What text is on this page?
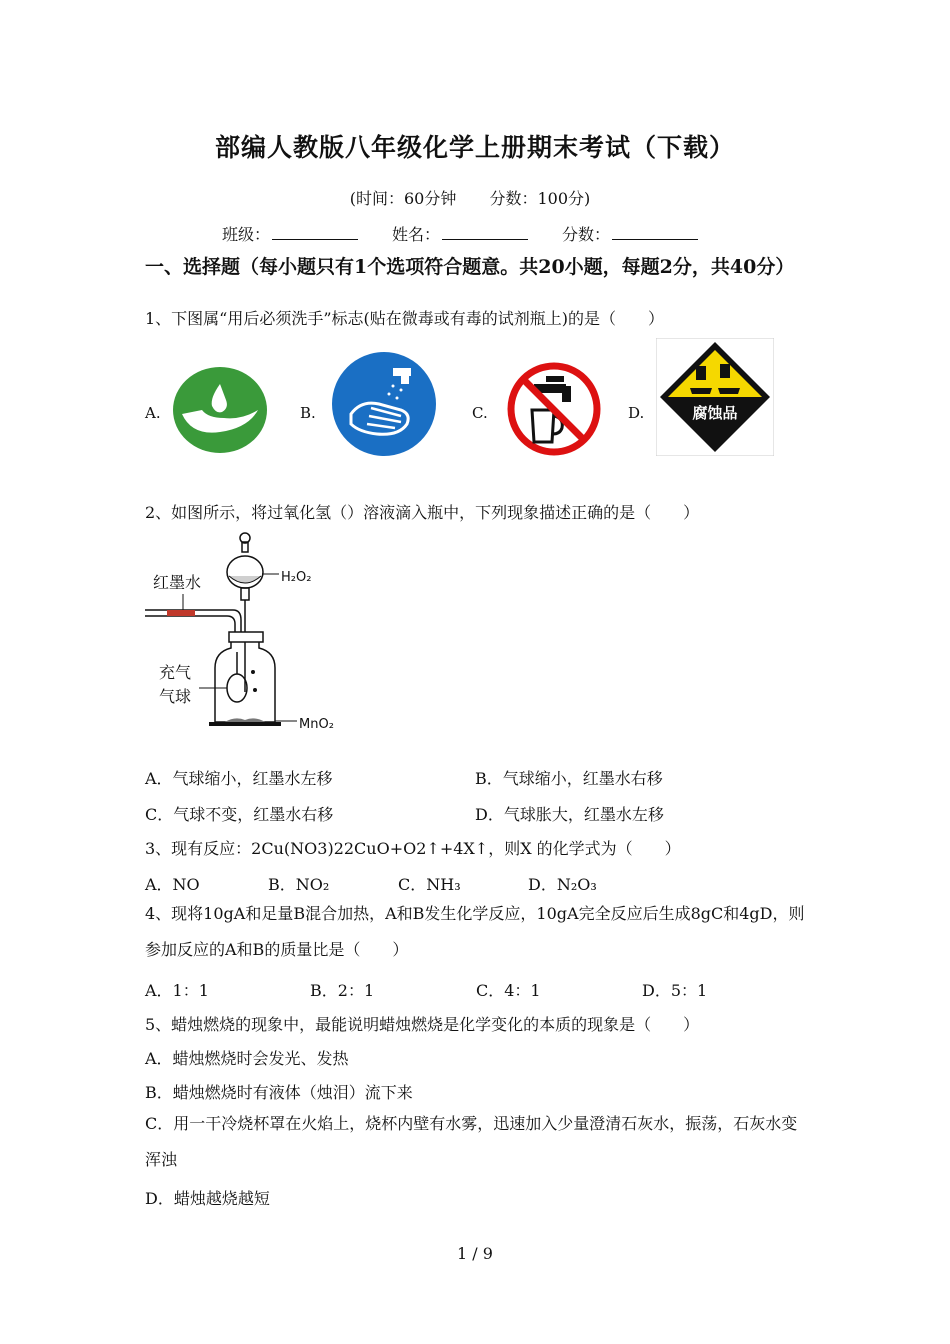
部编人教版八年级化学上册期末考试（下载）
(时间：60分钟 分数：100分)
班级：	姓名：	分数：
一、选择题（每小题只有1个选项符合题意。共20小题，每题2分，共40分）
1、下图属“用后必须洗手”标志(贴在微毒或有毒的试剂瓶上)的是（　　）
A.	B.	C.	D.	腐蚀品
2、如图所示，将过氧化氢（）溶液滴入瓶中，下列现象描述正确的是（　　）
H₂O₂
红墨水
充气
气球
MnO₂
A．气球缩小，红墨水左移	B．气球缩小，红墨水右移
C．气球不变，红墨水右移	D．气球胀大，红墨水左移
3、现有反应：2Cu(NO3)22CuO+O2↑+4X↑，则X 的化学式为（　　）
A．NO	B．NO₂	C．NH₃	D．N₂O₃
4、现将10gA和足量B混合加热，A和B发生化学反应，10gA完全反应后生成8gC和4gD，则参加反应的A和B的质量比是（　　）
A．1：1	B．2：1	C．4：1	D．5：1
5、蜡烛燃烧的现象中，最能说明蜡烛燃烧是化学变化的本质的现象是（　　）
A．蜡烛燃烧时会发光、发热
B．蜡烛燃烧时有液体（烛泪）流下来
C．用一干冷烧杯罩在火焰上，烧杯内壁有水雾，迅速加入少量澄清石灰水，振荡，石灰水变浑浊
D．蜡烛越烧越短
1 / 9
